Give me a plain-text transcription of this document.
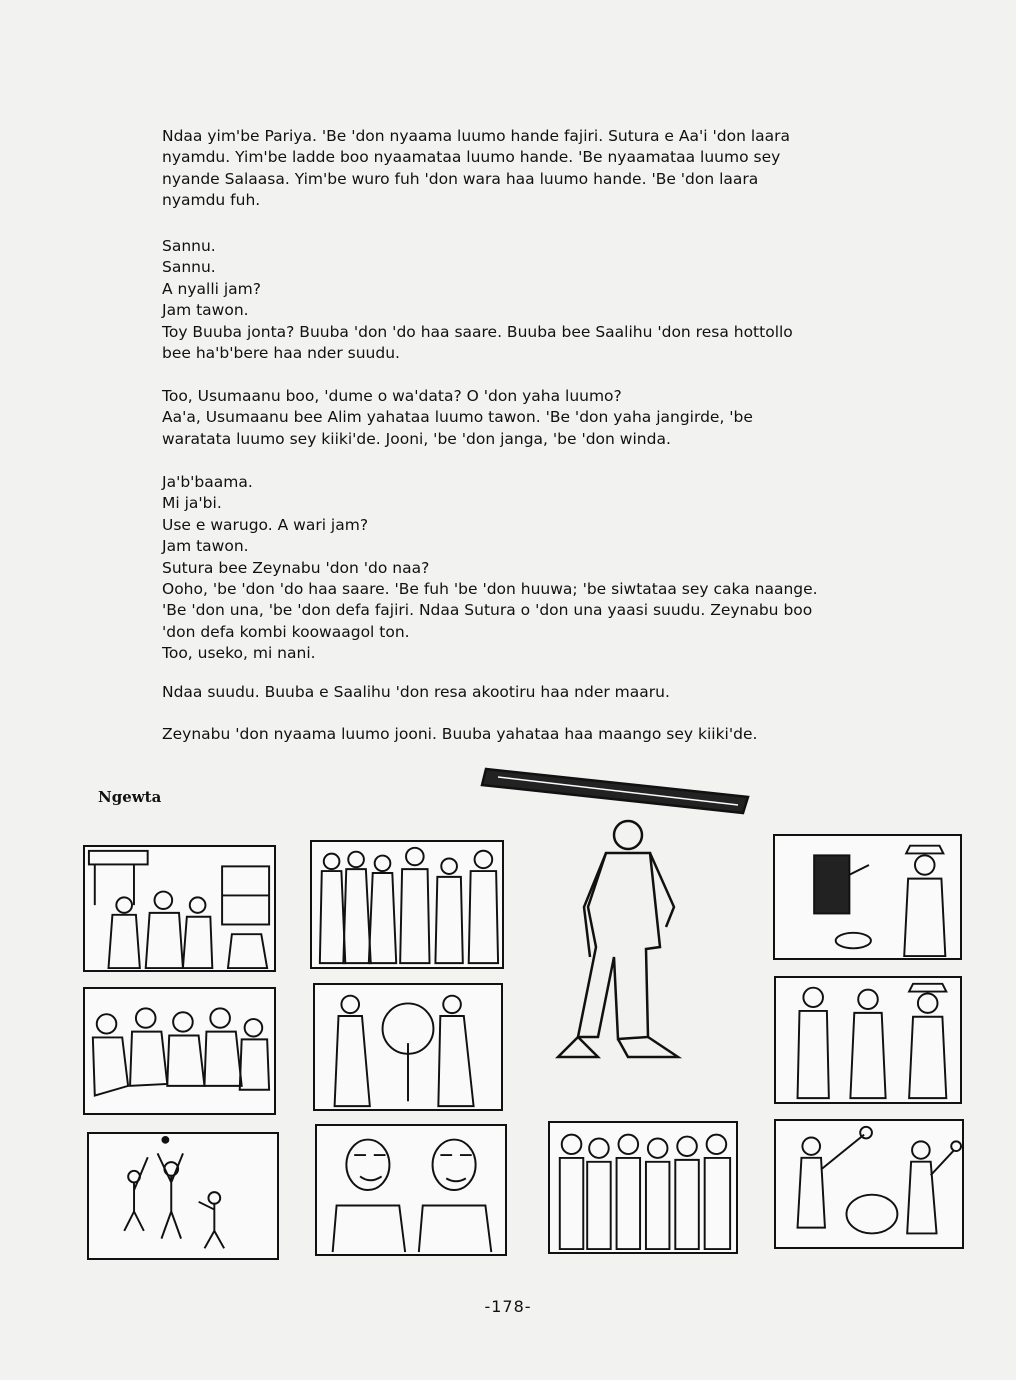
Ndaa yim'be Pariya. 'Be 'don nyaama luumo hande fajiri. Sutura e Aa'i 'don laara

nyamdu. Yim'be ladde boo nyaamataa luumo hande. 'Be nyaamataa luumo sey

nyande Salaasa. Yim'be wuro fuh 'don wara haa luumo hande. 'Be 'don laara

nyamdu fuh.

Sannu.

Sannu.

A nyalli jam?

Jam tawon.

Toy Buuba jonta? Buuba 'don 'do haa saare. Buuba bee Saalihu 'don resa hottollo

bee ha'b'bere haa nder suudu.

Too, Usumaanu boo, 'dume o wa'data? O 'don yaha luumo?

Aa'a, Usumaanu bee Alim yahataa luumo tawon. 'Be 'don yaha jangirde, 'be

waratata luumo sey kiiki'de. Jooni, 'be 'don janga, 'be 'don winda.

Ja'b'baama.

Mi ja'bi.

Use e warugo. A wari jam?

Jam tawon.

Sutura bee Zeynabu 'don 'do naa?

Ooho, 'be 'don 'do haa saare. 'Be fuh 'be 'don huuwa; 'be siwtataa sey caka naange.

'Be 'don una, 'be 'don defa fajiri. Ndaa Sutura o 'don una yaasi suudu. Zeynabu boo

'don defa kombi koowaagol ton.

Too, useko, mi nani.

Ndaa suudu. Buuba e Saalihu 'don resa akootiru haa nder maaru.

Zeynabu 'don nyaama luumo jooni. Buuba yahataa haa maango sey kiiki'de.

Ngewta
-178-
